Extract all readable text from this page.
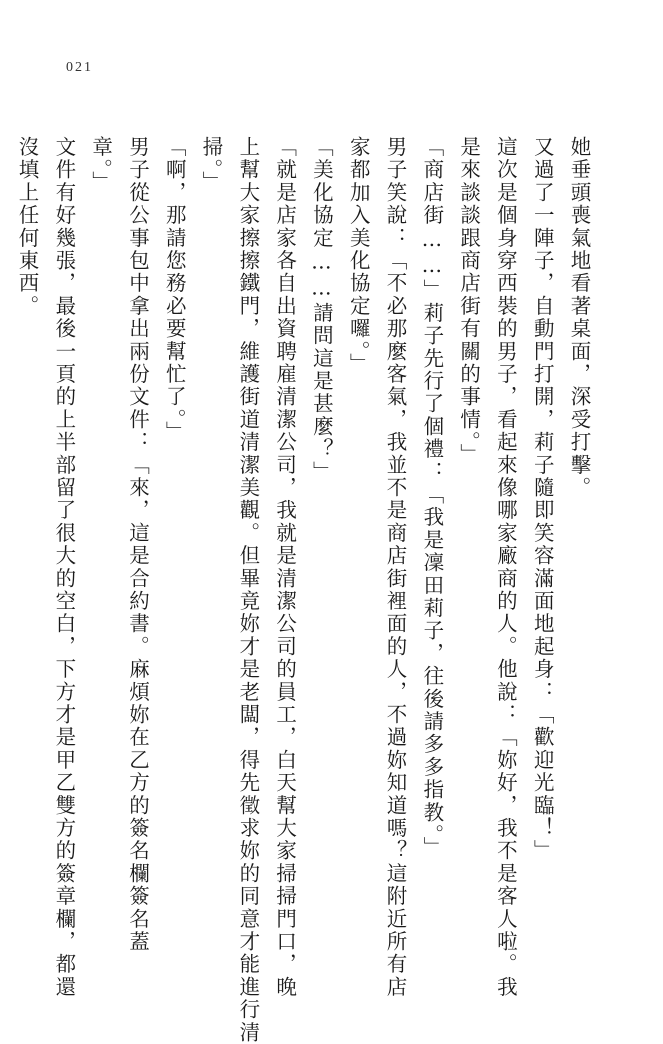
021
她垂頭喪氣地看著桌面，深受打擊。
又過了一陣子，自動門打開，莉子隨即笑容滿面地起身：「歡迎光臨！」
這次是個身穿西裝的男子，看起來像哪家廠商的人。他說：「妳好，我不是客人啦。我
是來談談跟商店街有關的事情。」
「商店街……」莉子先行了個禮：「我是凜田莉子，往後請多多指教。」
男子笑說：「不必那麼客氣，我並不是商店街裡面的人，不過妳知道嗎？這附近所有店
家都加入美化協定囉。」
「美化協定……請問這是甚麼？」
「就是店家各自出資聘雇清潔公司，我就是清潔公司的員工，白天幫大家掃掃門口，晚
上幫大家擦擦鐵門，維護街道清潔美觀。但畢竟妳才是老闆，得先徵求妳的同意才能進行清
掃。」
「啊，那請您務必要幫忙了。」
男子從公事包中拿出兩份文件：「來，這是合約書。麻煩妳在乙方的簽名欄簽名蓋
章。」
文件有好幾張，最後一頁的上半部留了很大的空白，下方才是甲乙雙方的簽章欄，都還
沒填上任何東西。
